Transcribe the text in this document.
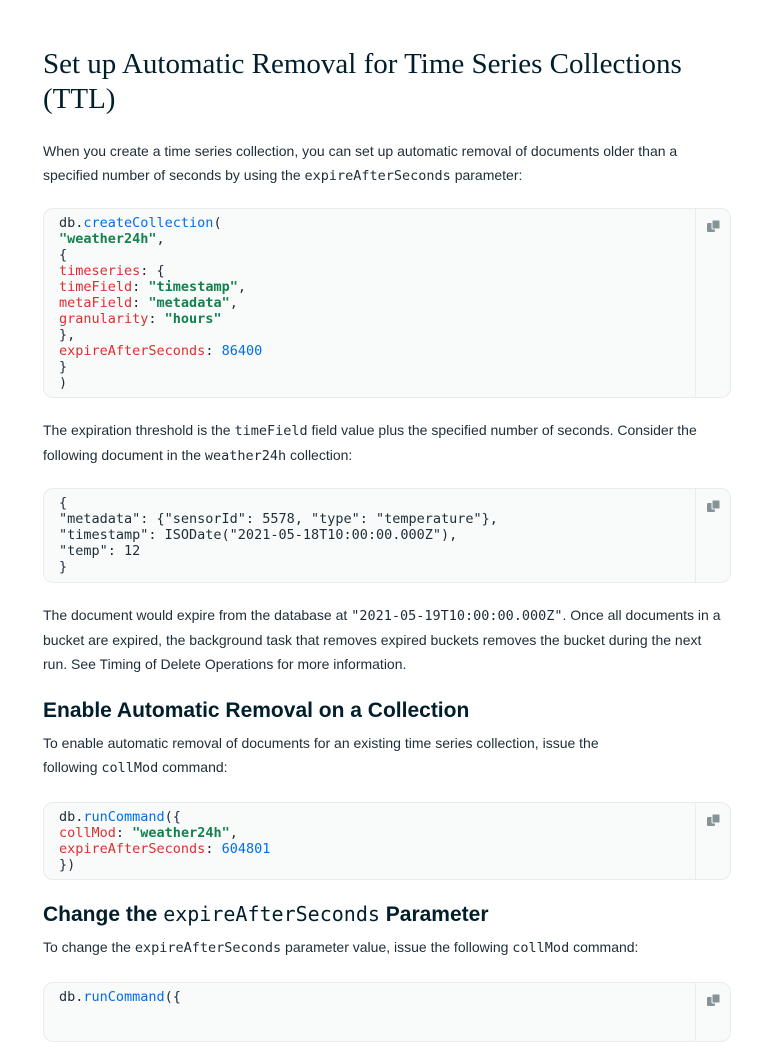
Set up Automatic Removal for Time Series Collections (TTL)

When you create a time series collection, you can set up automatic removal of documents older than a specified number of seconds by using the expireAfterSeconds parameter:

db.createCollection(
"weather24h",
{
timeseries: {
timeField: "timestamp",
metaField: "metadata",
granularity: "hours"
},
expireAfterSeconds: 86400
}
)

The expiration threshold is the timeField field value plus the specified number of seconds. Consider the following document in the weather24h collection:

{
"metadata": {"sensorId": 5578, "type": "temperature"},
"timestamp": ISODate("2021-05-18T10:00:00.000Z"),
"temp": 12
}

The document would expire from the database at "2021-05-19T10:00:00.000Z". Once all documents in a bucket are expired, the background task that removes expired buckets removes the bucket during the next run. See Timing of Delete Operations for more information.

Enable Automatic Removal on a Collection

To enable automatic removal of documents for an existing time series collection, issue the following collMod command:

db.runCommand({
collMod: "weather24h",
expireAfterSeconds: 604801
})
Change the expireAfterSeconds Parameter

To change the expireAfterSeconds parameter value, issue the following collMod command:

db.runCommand({
